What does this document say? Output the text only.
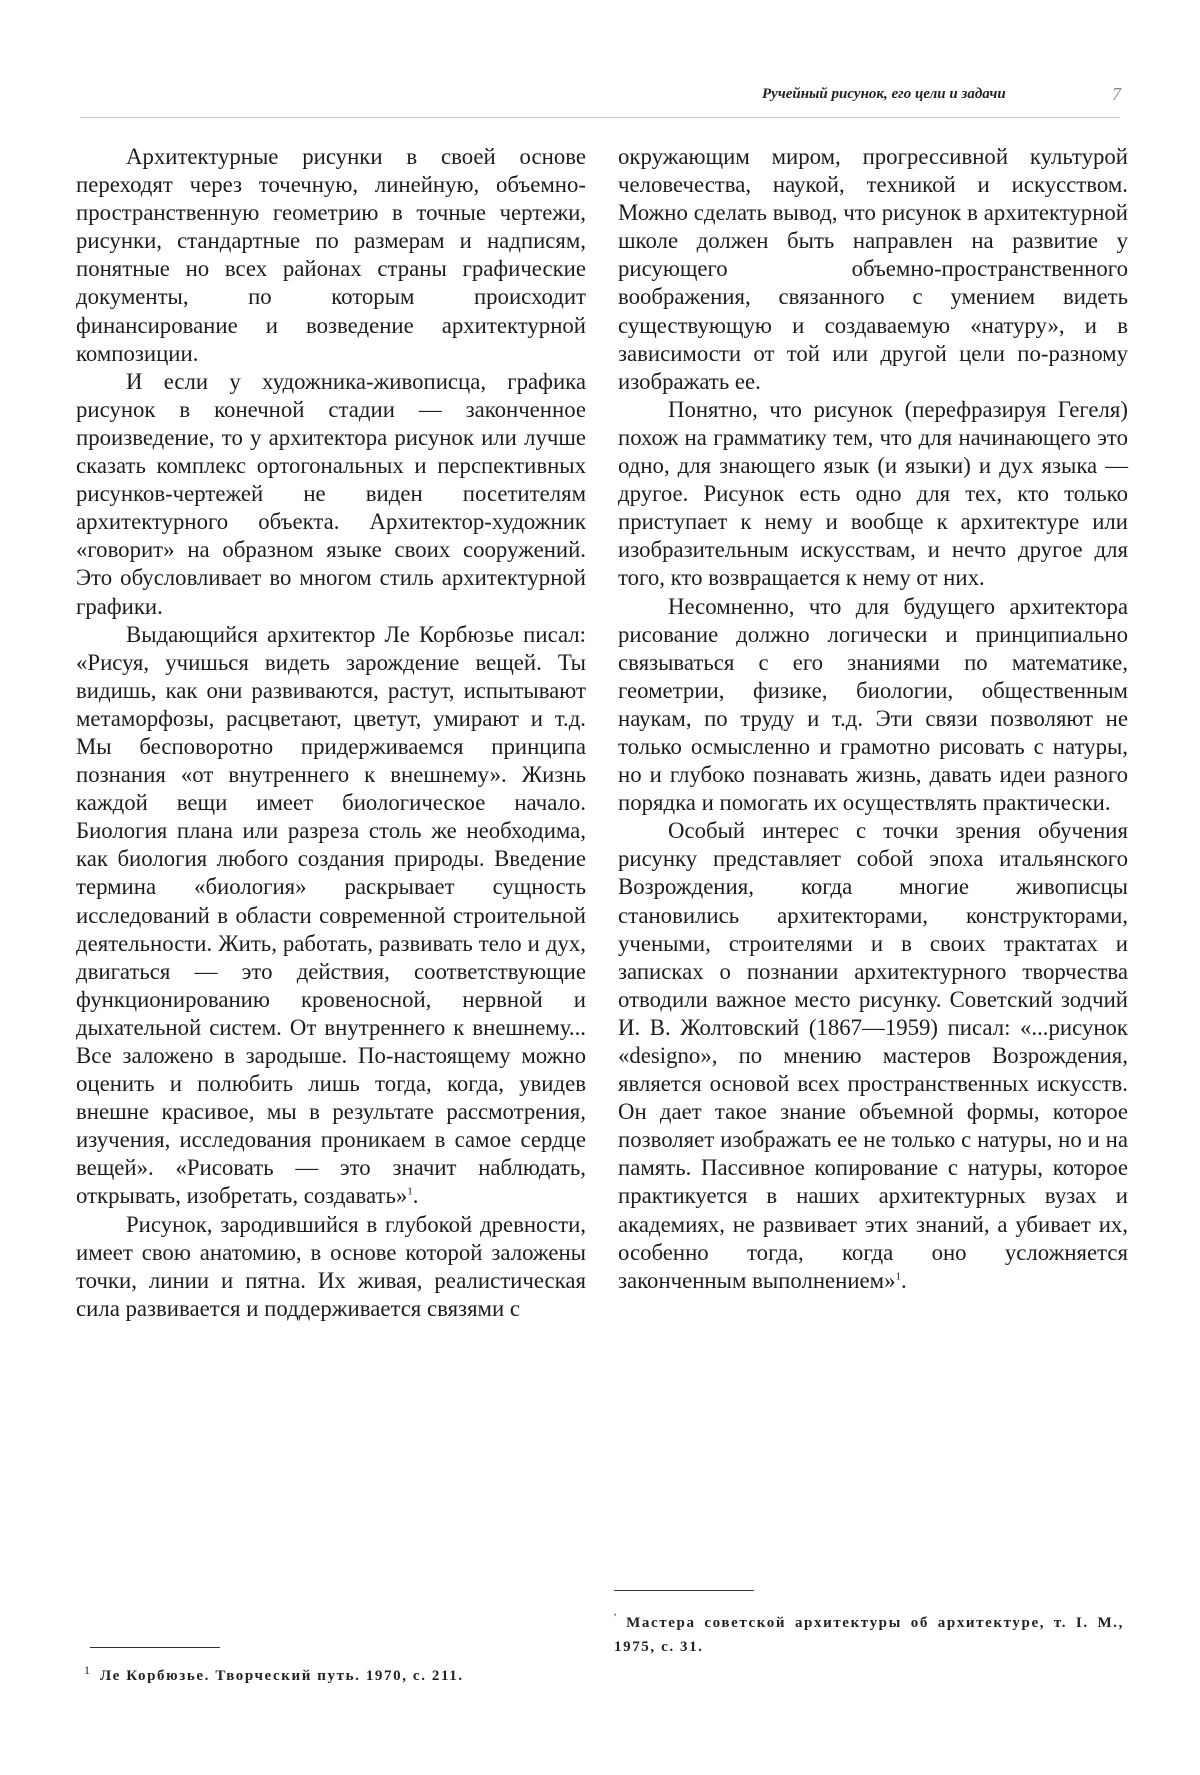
Ручейный рисунок, его цели и задачи	7

Архитектурные рисунки в своей основе переходят через точечную, линейную, объемно-пространственную геометрию в точные чертежи, рисунки, стандартные по размерам и надписям, понятные но всех районах страны графические документы, по которым происходит финансирование и возведение архитектурной композиции.

И если у художника-живописца, графика рисунок в конечной стадии — законченное произведение, то у архитектора рисунок или лучше сказать комплекс ортогональных и перспективных рисунков-чертежей не виден посетителям архитектурного объекта. Архитектор-художник «говорит» на образном языке своих сооружений. Это обусловливает во многом стиль архитектурной графики.

Выдающийся архитектор Ле Корбюзье писал: «Рисуя, учишься видеть зарождение вещей. Ты видишь, как они развиваются, растут, испытывают метаморфозы, расцветают, цветут, умирают и т.д. Мы бесповоротно придерживаемся принципа познания «от внутреннего к внешнему». Жизнь каждой вещи имеет биологическое начало. Биология плана или разреза столь же необходима, как биология любого создания природы. Введение термина «биология» раскрывает сущность исследований в области современной строительной деятельности. Жить, работать, развивать тело и дух, двигаться — это действия, соответствующие функционированию кровеносной, нервной и дыхательной систем. От внутреннего к внешнему... Все заложено в зародыше. По-настоящему можно оценить и полюбить лишь тогда, когда, увидев внешне красивое, мы в результате рассмотрения, изучения, исследования проникаем в самое сердце вещей». «Рисовать — это значит наблюдать, открывать, изобретать, создавать»$^1$.

Рисунок, зародившийся в глубокой древности, имеет свою анатомию, в основе которой заложены точки, линии и пятна. Их живая, реалистическая сила развивается и поддерживается связями с

окружающим миром, прогрессивной культурой человечества, наукой, техникой и искусством. Можно сделать вывод, что рисунок в архитектурной школе должен быть направлен на развитие у рисующего объемно-пространственного воображения, связанного с умением видеть существующую и создаваемую «натуру», и в зависимости от той или другой цели по-разному изображать ее.

Понятно, что рисунок (перефразируя Гегеля) похож на грамматику тем, что для начинающего это одно, для знающего язык (и языки) и дух языка — другое. Рисунок есть одно для тех, кто только приступает к нему и вообще к архитектуре или изобразительным искусствам, и нечто другое для того, кто возвращается к нему от них.

Несомненно, что для будущего архитектора рисование должно логически и принципиально связываться с его знаниями по математике, геометрии, физике, биологии, общественным наукам, по труду и т.д. Эти связи позволяют не только осмысленно и грамотно рисовать с натуры, но и глубоко познавать жизнь, давать идеи разного порядка и помогать их осуществлять практически.

Особый интерес с точки зрения обучения рисунку представляет собой эпоха итальянского Возрождения, когда многие живописцы становились архитекторами, конструкторами, учеными, строителями и в своих трактатах и записках о познании архитектурного творчества отводили важное место рисунку. Советский зодчий И. В. Жолтовский (1867—1959) писал: «...рисунок «designo», по мнению мастеров Возрождения, является основой всех пространственных искусств. Он дает такое знание объемной формы, которое позволяет изображать ее не только с натуры, но и на память. Пассивное копирование с натуры, которое практикуется в наших архитектурных вузах и академиях, не развивает этих знаний, а убивает их, особенно тогда, когда оно усложняется законченным выполнением»$^1$.

$^1$ Ле Корбюзье. Творческий путь. 1970, с. 211.
' Мастера советской архитектуры об архитектуре, т. I. М., 1975, с. 31.
